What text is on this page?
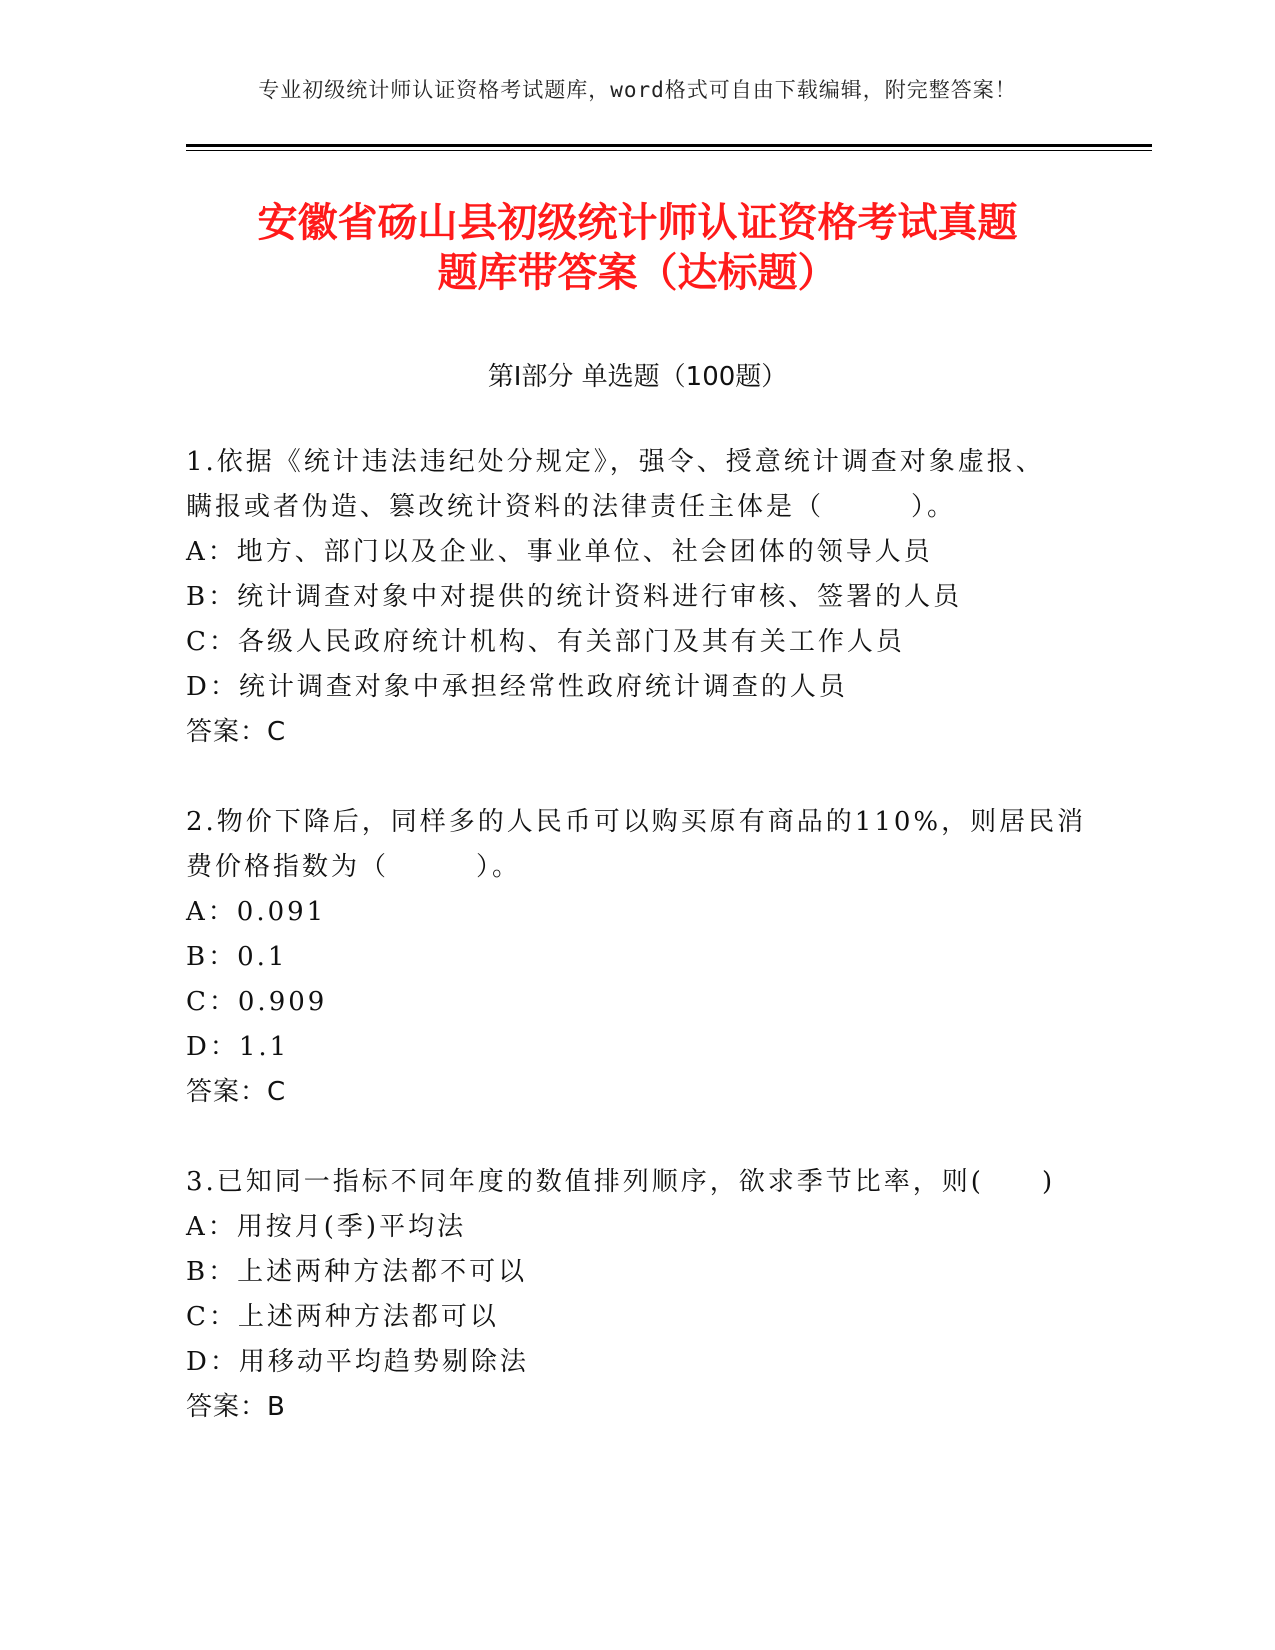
专业初级统计师认证资格考试题库，word格式可自由下载编辑，附完整答案！
安徽省砀山县初级统计师认证资格考试真题
题库带答案（达标题）
第Ⅰ部分 单选题（100题）
1.依据《统计违法违纪处分规定》，强令、授意统计调查对象虚报、
瞒报或者伪造、篡改统计资料的法律责任主体是（　　　）。
A：地方、部门以及企业、事业单位、社会团体的领导人员
B：统计调查对象中对提供的统计资料进行审核、签署的人员
C：各级人民政府统计机构、有关部门及其有关工作人员
D：统计调查对象中承担经常性政府统计调查的人员
答案：C
2.物价下降后，同样多的人民币可以购买原有商品的110%，则居民消
费价格指数为（　　　）。
A：0.091
B：0.1
C：0.909
D：1.1
答案：C
3.已知同一指标不同年度的数值排列顺序，欲求季节比率，则(　　)
A：用按月(季)平均法
B：上述两种方法都不可以
C：上述两种方法都可以
D：用移动平均趋势剔除法
答案：B
